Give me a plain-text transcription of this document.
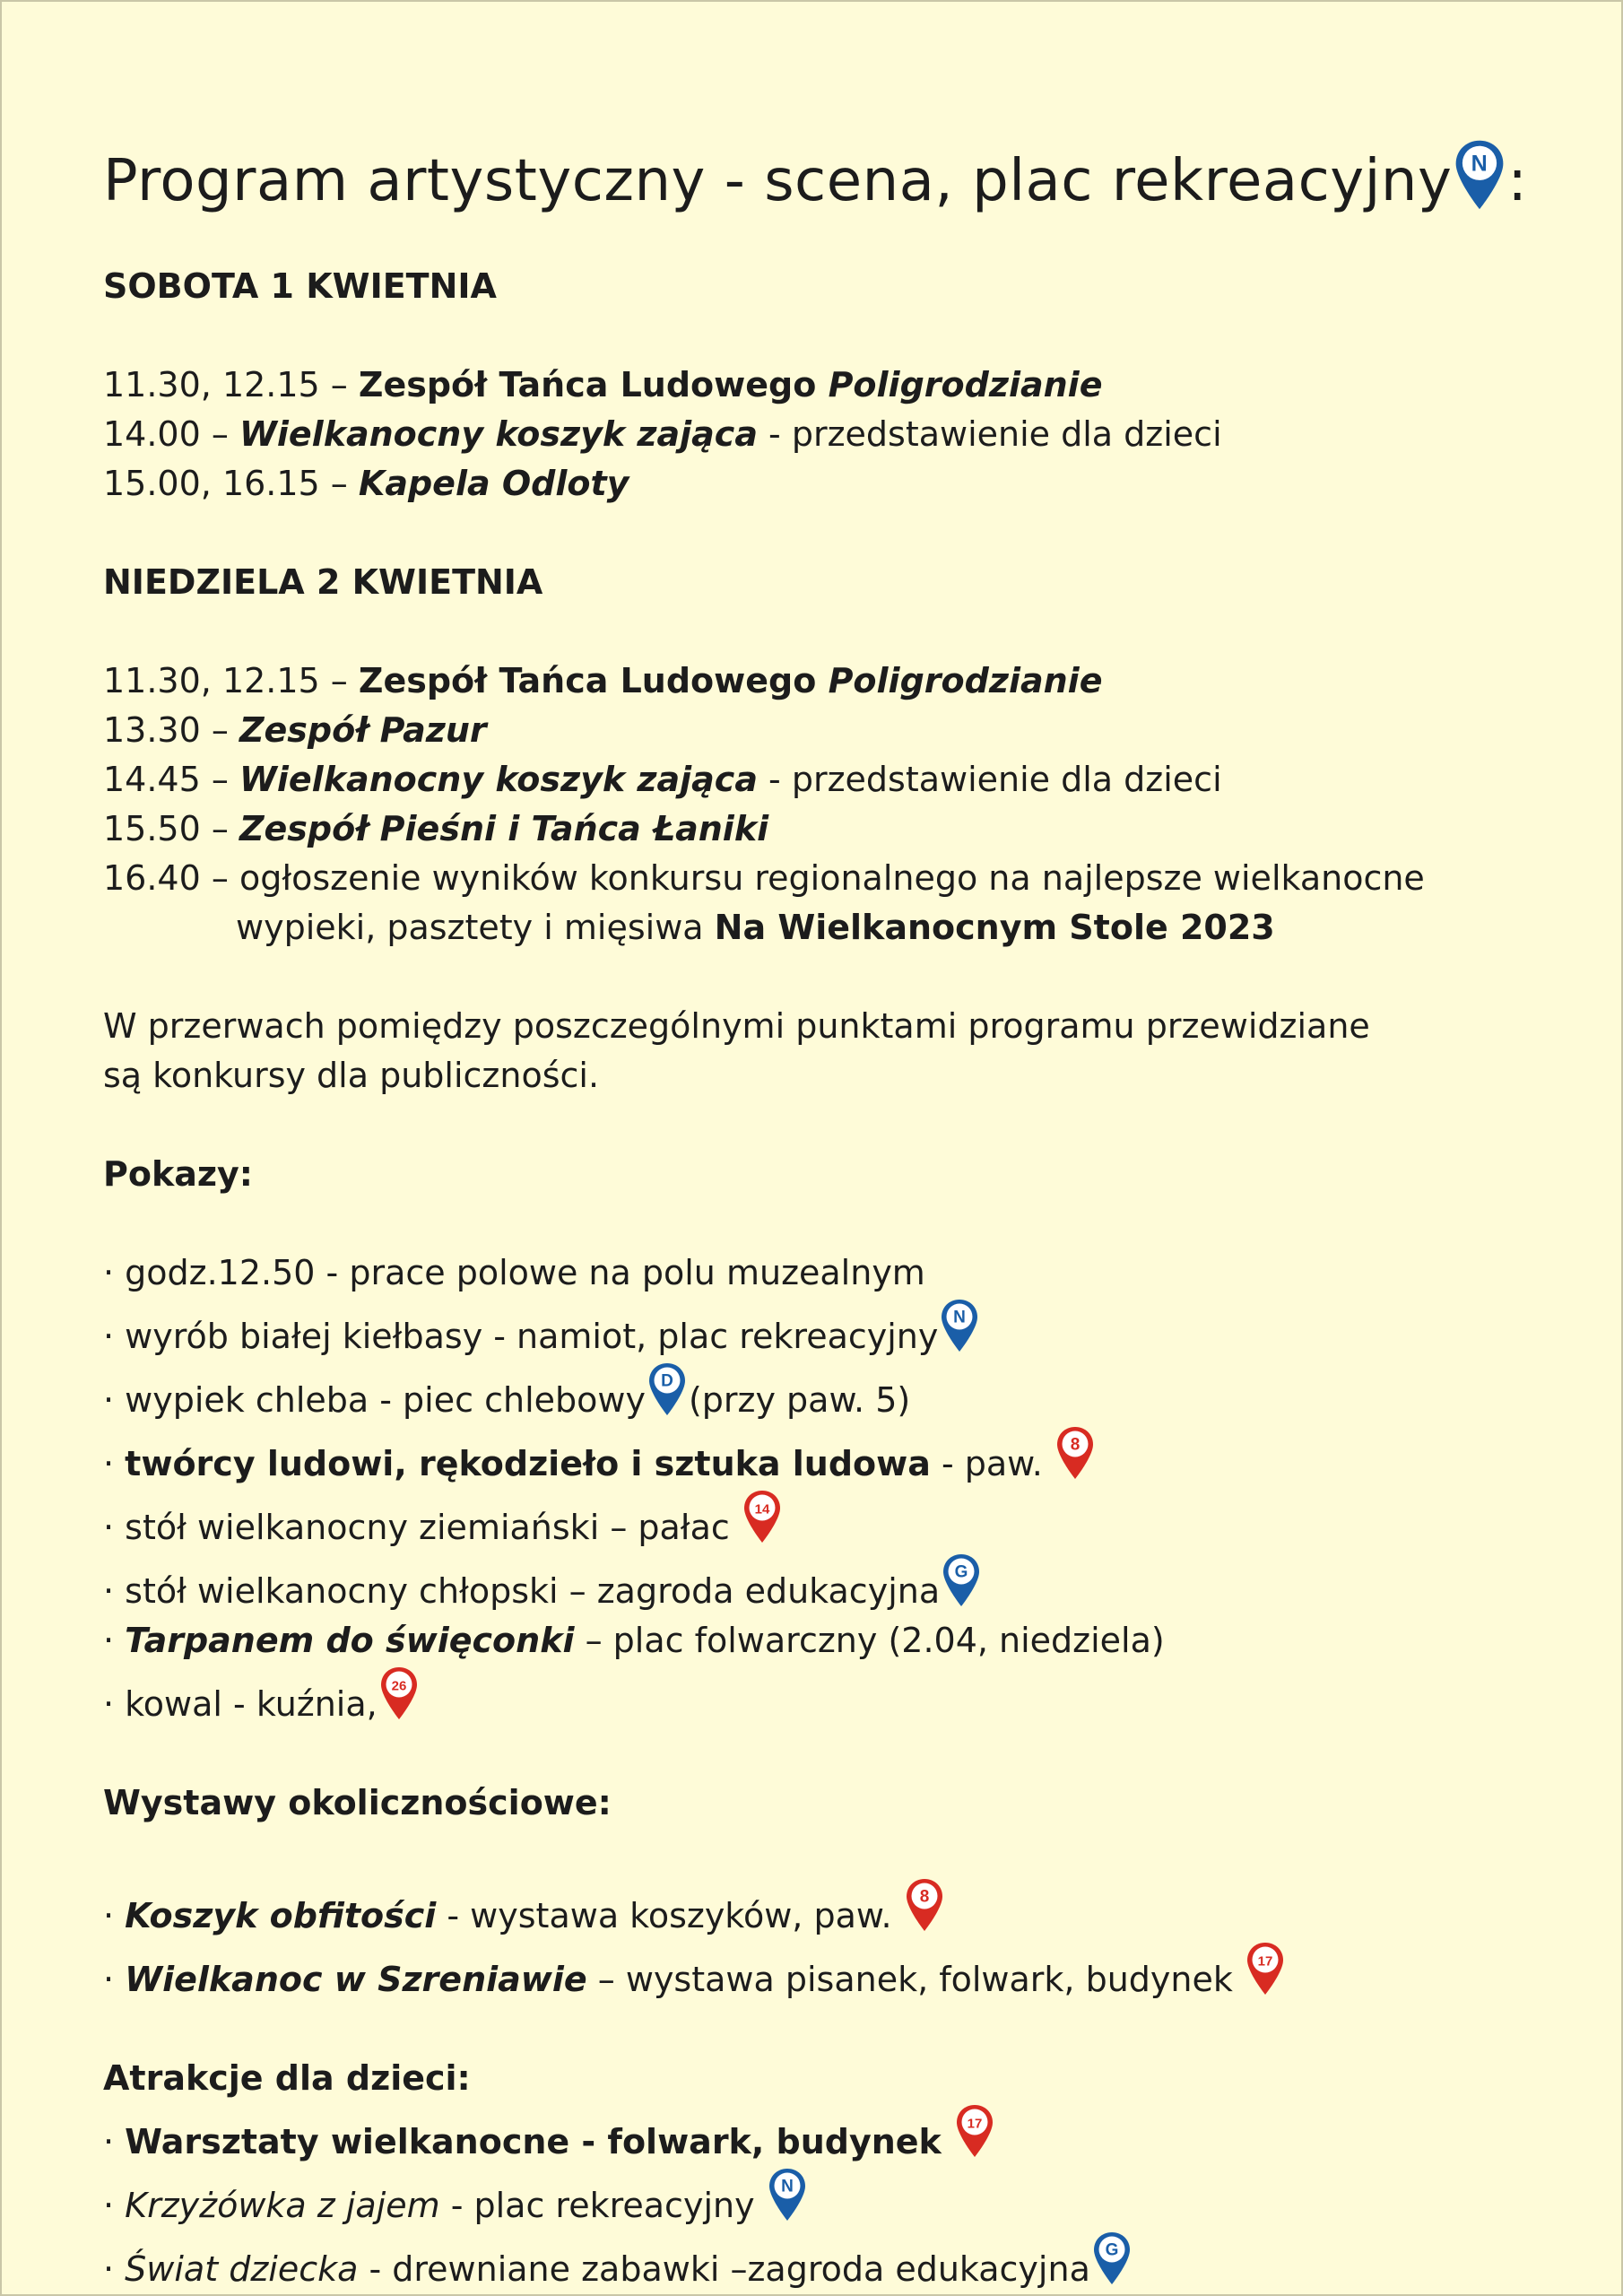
Program artystyczny - scena, plac rekreacyjny N :
SOBOTA 1 KWIETNIA
11.30, 12.15 – Zespół Tańca Ludowego Poligrodzianie
14.00 – Wielkanocny koszyk zająca - przedstawienie dla dzieci
15.00, 16.15 – Kapela Odloty
NIEDZIELA 2 KWIETNIA
11.30, 12.15 – Zespół Tańca Ludowego Poligrodzianie
13.30 – Zespół Pazur
14.45 – Wielkanocny koszyk zająca - przedstawienie dla dzieci
15.50 – Zespół Pieśni i Tańca Łaniki
16.40 – ogłoszenie wyników konkursu regionalnego na najlepsze wielkanocne
wypieki, pasztety i mięsiwa Na Wielkanocnym Stole 2023
W przerwach pomiędzy poszczególnymi punktami programu przewidziane
są konkursy dla publiczności.
Pokazy:
· godz.12.50 - prace polowe na polu muzealnym
· wyrób białej kiełbasy - namiot, plac rekreacyjny N
· wypiek chleba - piec chlebowy D (przy paw. 5)
· twórcy ludowi, rękodzieło i sztuka ludowa - paw. 8
· stół wielkanocny ziemiański – pałac 14
· stół wielkanocny chłopski – zagroda edukacyjna G
· Tarpanem do święconki – plac folwarczny (2.04, niedziela)
· kowal - kuźnia, 26
Wystawy okolicznościowe:
· Koszyk obfitości - wystawa koszyków, paw. 8
· Wielkanoc w Szreniawie – wystawa pisanek, folwark, budynek 17
Atrakcje dla dzieci:
· Warsztaty wielkanocne - folwark, budynek 17
· Krzyżówka z jajem - plac rekreacyjny N
· Świat dziecka - drewniane zabawki –zagroda edukacyjna G
